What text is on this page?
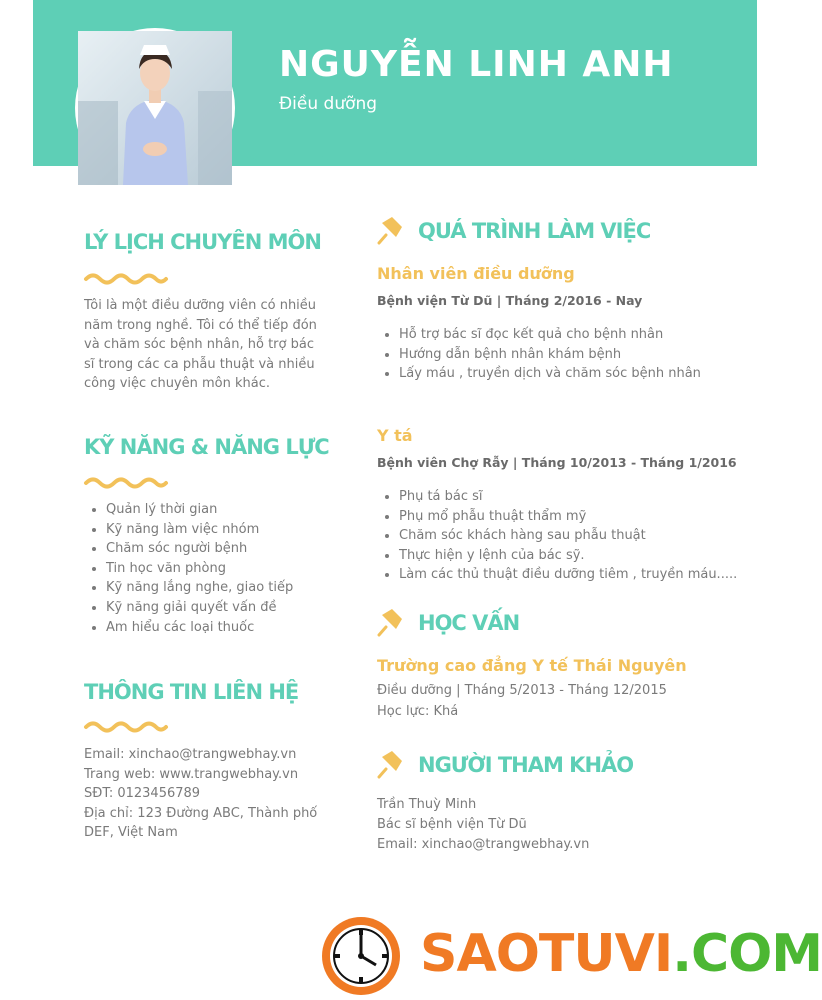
NGUYỄN LINH ANH
Điều dưỡng
LÝ LỊCH CHUYÊN MÔN
Tôi là một điều dưỡng viên có nhiều
năm trong nghề. Tôi có thể tiếp đón
và chăm sóc bệnh nhân, hỗ trợ bác
sĩ trong các ca phẫu thuật và nhiều
công việc chuyên môn khác.
KỸ NĂNG & NĂNG LỰC
• Quản lý thời gian
• Kỹ năng làm việc nhóm
• Chăm sóc người bệnh
• Tin học văn phòng
• Kỹ năng lắng nghe, giao tiếp
• Kỹ năng giải quyết vấn đề
• Am hiểu các loại thuốc
THÔNG TIN LIÊN HỆ
Email: xinchao@trangwebhay.vn
Trang web: www.trangwebhay.vn
SĐT: 0123456789
Địa chỉ: 123 Đường ABC, Thành phố
DEF, Việt Nam
QUÁ TRÌNH LÀM VIỆC
Nhân viên điều dưỡng
Bệnh viện Từ Dũ | Tháng 2/2016 - Nay
• Hỗ trợ bác sĩ đọc kết quả cho bệnh nhân
• Hướng dẫn bệnh nhân khám bệnh
• Lấy máu , truyền dịch và chăm sóc bệnh nhân
Y tá
Bệnh viên Chợ Rẫy | Tháng 10/2013 - Tháng 1/2016
• Phụ tá bác sĩ
• Phụ mổ phẫu thuật thẩm mỹ
• Chăm sóc khách hàng sau phẫu thuật
• Thực hiện y lệnh của bác sỹ.
• Làm các thủ thuật điều dưỡng tiêm , truyền máu.....
HỌC VẤN
Trường cao đẳng Y tế Thái Nguyên
Điều dưỡng | Tháng 5/2013 - Tháng 12/2015
Học lực: Khá
NGƯỜI THAM KHẢO
Trần Thuỳ Minh
Bác sĩ bệnh viện Từ Dũ
Email: xinchao@trangwebhay.vn
SAOTUVI.COM
